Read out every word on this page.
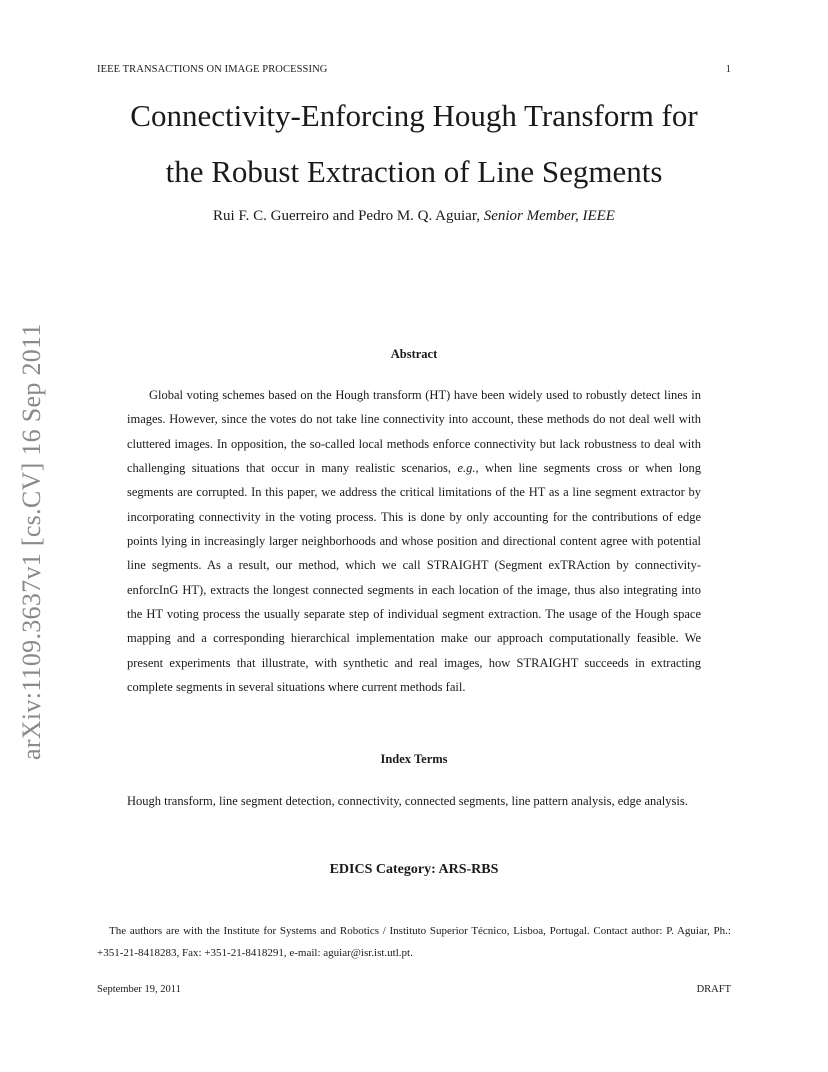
IEEE TRANSACTIONS ON IMAGE PROCESSING	1
Connectivity-Enforcing Hough Transform for
the Robust Extraction of Line Segments
Rui F. C. Guerreiro and Pedro M. Q. Aguiar, Senior Member, IEEE
arXiv:1109.3637v1 [cs.CV] 16 Sep 2011	Abstract
Global voting schemes based on the Hough transform (HT) have been widely used to robustly detect lines in images. However, since the votes do not take line connectivity into account, these methods do not deal well with cluttered images. In opposition, the so-called local methods enforce connectivity but lack robustness to deal with challenging situations that occur in many realistic scenarios, e.g., when line segments cross or when long segments are corrupted. In this paper, we address the critical limitations of the HT as a line segment extractor by incorporating connectivity in the voting process. This is done by only accounting for the contributions of edge points lying in increasingly larger neighborhoods and whose position and directional content agree with potential line segments. As a result, our method, which we call STRAIGHT (Segment exTRAction by connectivity-enforcInG HT), extracts the longest connected segments in each location of the image, thus also integrating into the HT voting process the usually separate step of individual segment extraction. The usage of the Hough space mapping and a corresponding hierarchical implementation make our approach computationally feasible. We present experiments that illustrate, with synthetic and real images, how STRAIGHT succeeds in extracting complete segments in several situations where current methods fail.
Index Terms
Hough transform, line segment detection, connectivity, connected segments, line pattern analysis, edge analysis.
EDICS Category: ARS-RBS
The authors are with the Institute for Systems and Robotics / Instituto Superior Técnico, Lisboa, Portugal. Contact author: P. Aguiar, Ph.: +351-21-8418283, Fax: +351-21-8418291, e-mail: aguiar@isr.ist.utl.pt.
September 19, 2011	DRAFT
